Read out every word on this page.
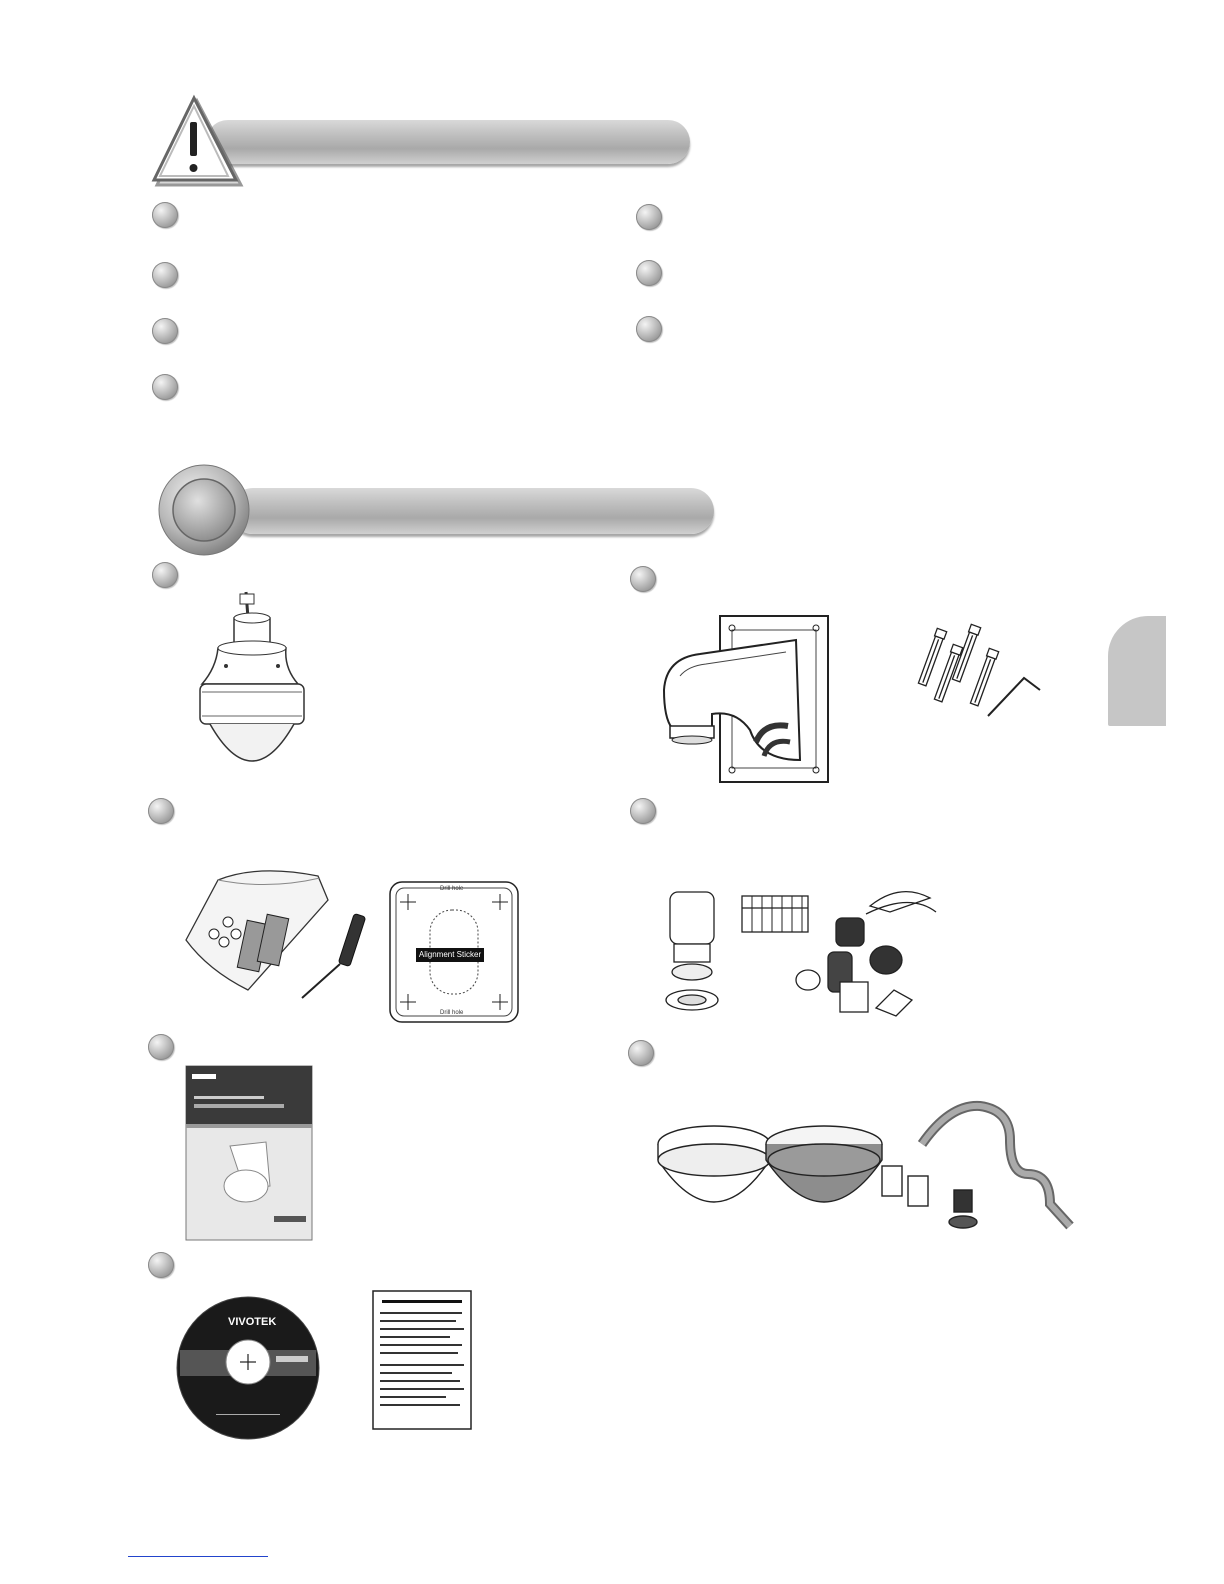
Drill hole
Alignment Sticker
Drill hole
VIVOTEK
